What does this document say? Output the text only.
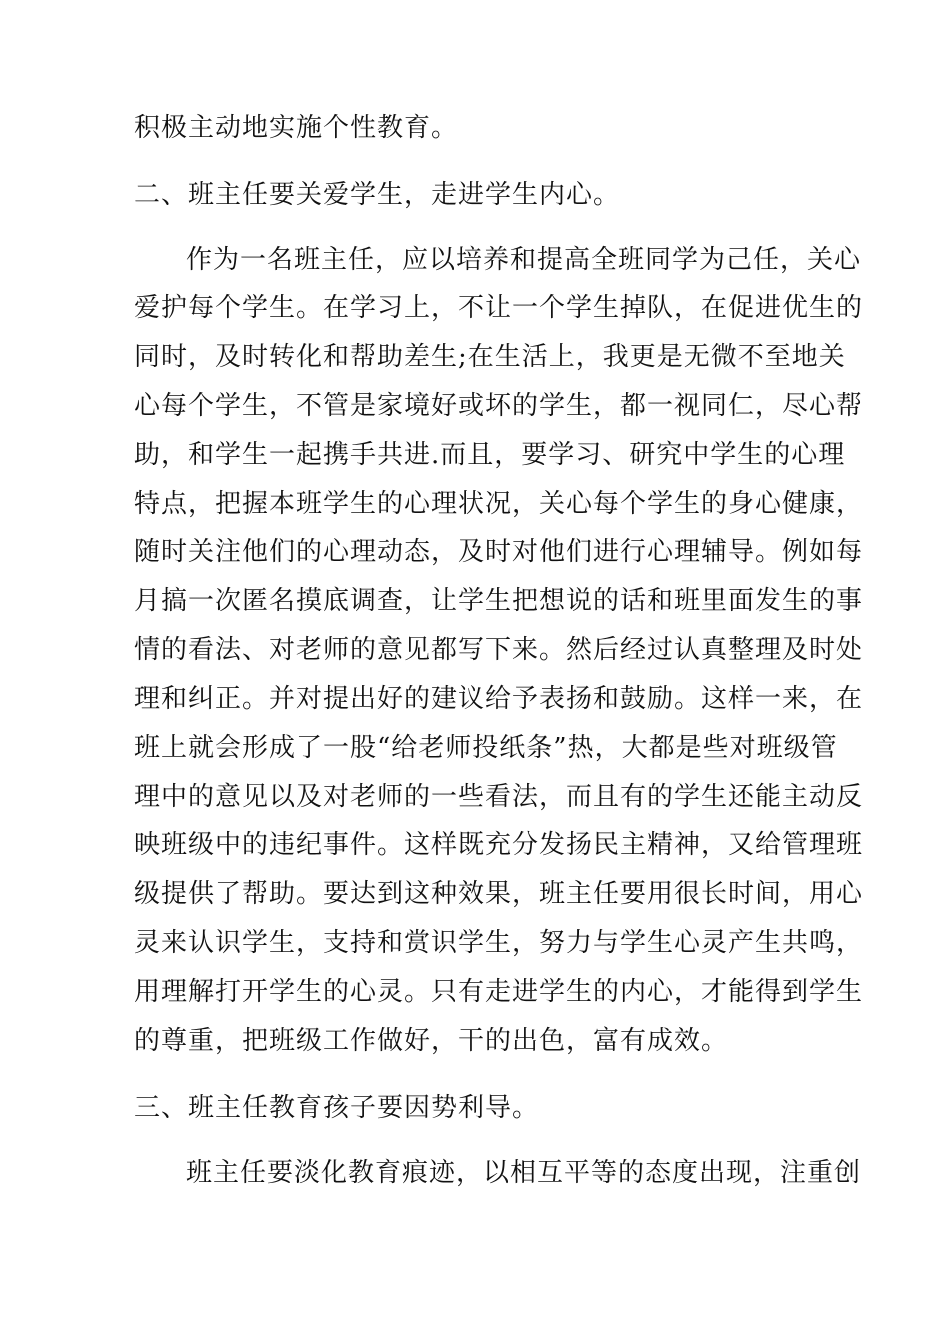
积极主动地实施个性教育。
二、班主任要关爱学生，走进学生内心。
作为一名班主任，应以培养和提高全班同学为己任，关心
爱护每个学生。在学习上，不让一个学生掉队，在促进优生的
同时，及时转化和帮助差生;在生活上，我更是无微不至地关
心每个学生，不管是家境好或坏的学生，都一视同仁，尽心帮
助，和学生一起携手共进.而且，要学习、研究中学生的心理
特点，把握本班学生的心理状况，关心每个学生的身心健康，
随时关注他们的心理动态，及时对他们进行心理辅导。例如每
月搞一次匿名摸底调查，让学生把想说的话和班里面发生的事
情的看法、对老师的意见都写下来。然后经过认真整理及时处
理和纠正。并对提出好的建议给予表扬和鼓励。这样一来，在
班上就会形成了一股“给老师投纸条”热，大都是些对班级管
理中的意见以及对老师的一些看法，而且有的学生还能主动反
映班级中的违纪事件。这样既充分发扬民主精神，又给管理班
级提供了帮助。要达到这种效果，班主任要用很长时间，用心
灵来认识学生，支持和赏识学生，努力与学生心灵产生共鸣，
用理解打开学生的心灵。只有走进学生的内心，才能得到学生
的尊重，把班级工作做好，干的出色，富有成效。
三、班主任教育孩子要因势利导。
班主任要淡化教育痕迹，以相互平等的态度出现，注重创
